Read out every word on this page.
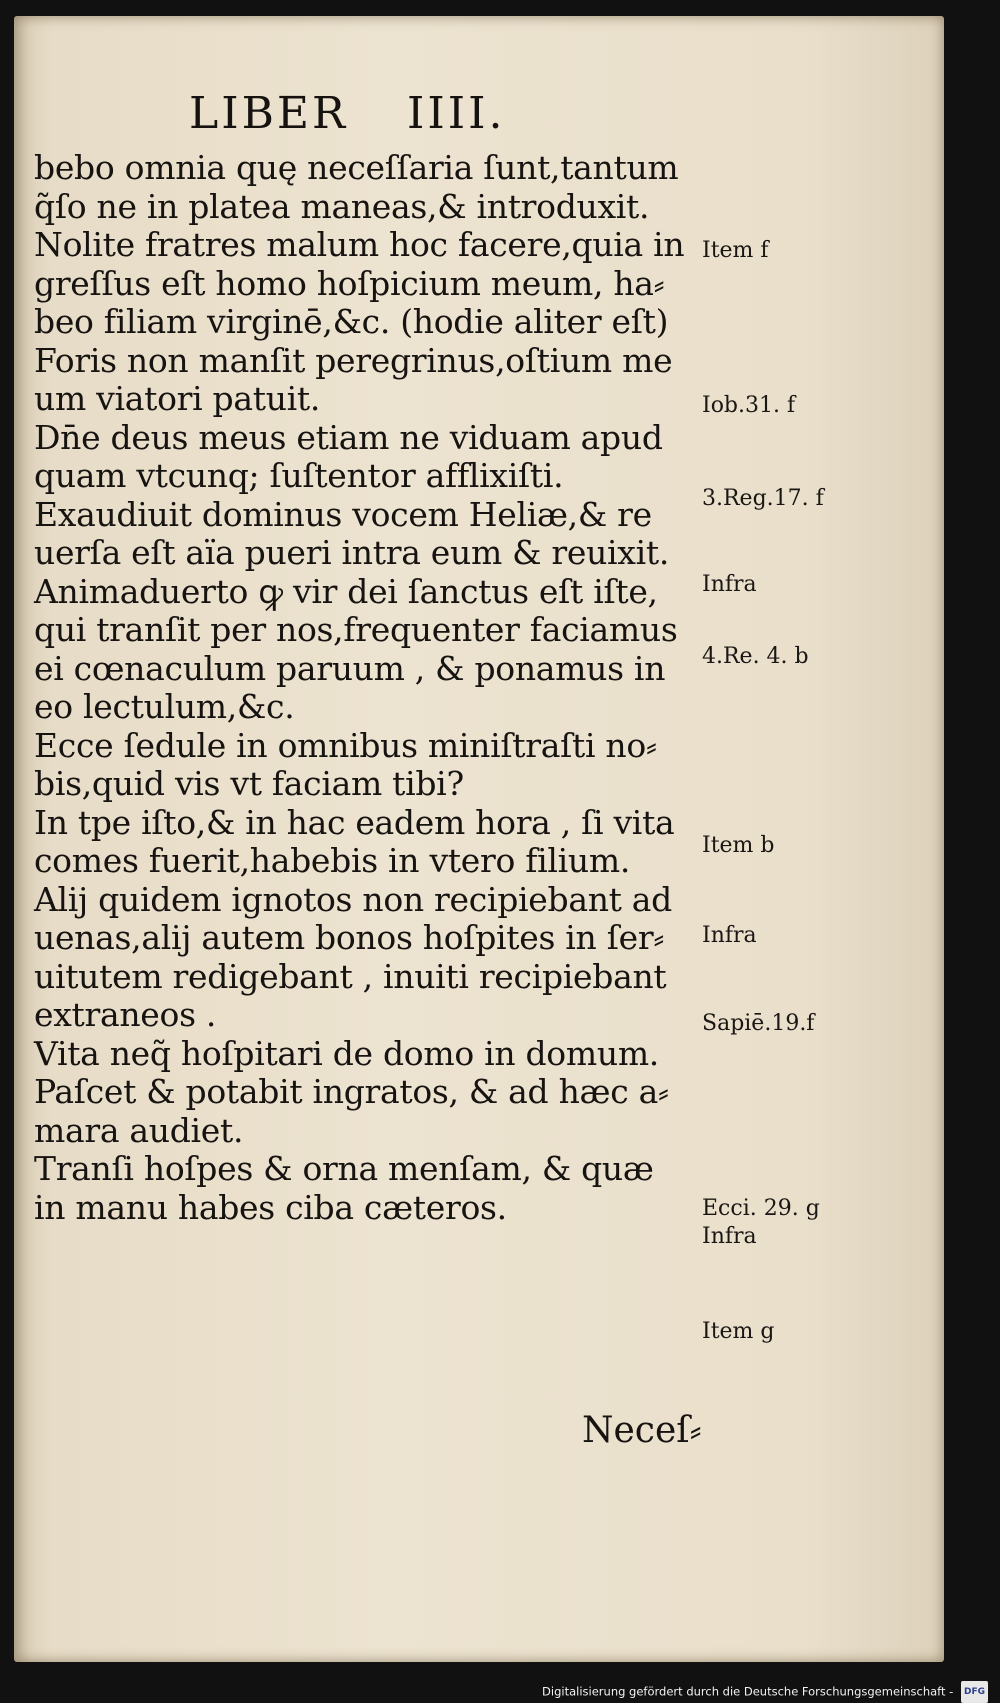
LIBER IIII.
bebo omnia quę neceſſaria ſunt,tantum
q̃ſo ne in platea maneas,& introduxit.
Nolite fratres malum hoc facere,quia in
greſſus eſt homo hoſpicium meum, ha⸗
beo filiam virginē,&c. (hodie aliter eſt)
Foris non manſit peregrinus,oſtium me
um viatori patuit.
Dn̄e deus meus etiam ne viduam apud
quam vtcunq; ſuſtentor afflixiſti.
Exaudiuit dominus vocem Heliæ,& re
uerſa eſt aïa pueri intra eum & reuixit.
Animaduerto ꝙ vir dei ſanctus eſt iſte,
qui tranſit per nos,frequenter faciamus
ei cœnaculum paruum , & ponamus in
eo lectulum,&c.
Ecce ſedule in omnibus miniſtraſti no⸗
bis,quid vis vt faciam tibi?
In tpe iſto,& in hac eadem hora , ſi vita
comes fuerit,habebis in vtero filium.
Alij quidem ignotos non recipiebant ad
uenas,alij autem bonos hoſpites in ſer⸗
uitutem redigebant , inuiti recipiebant
extraneos .
Vita neq̃ hoſpitari de domo in domum.
Paſcet & potabit ingratos, & ad hæc a⸗
mara audiet.
Tranſi hoſpes & orna menſam, & quæ
in manu habes ciba cæteros.
Item f
Iob.31. f
3.Reg.17. f
Infra
4.Re. 4. b
Item b
Infra
Sapiē.19.f
Ecci. 29. g
Infra
Item g
Neceſ⸗
Digitalisierung gefördert durch die Deutsche Forschungsgemeinschaft - DFG
